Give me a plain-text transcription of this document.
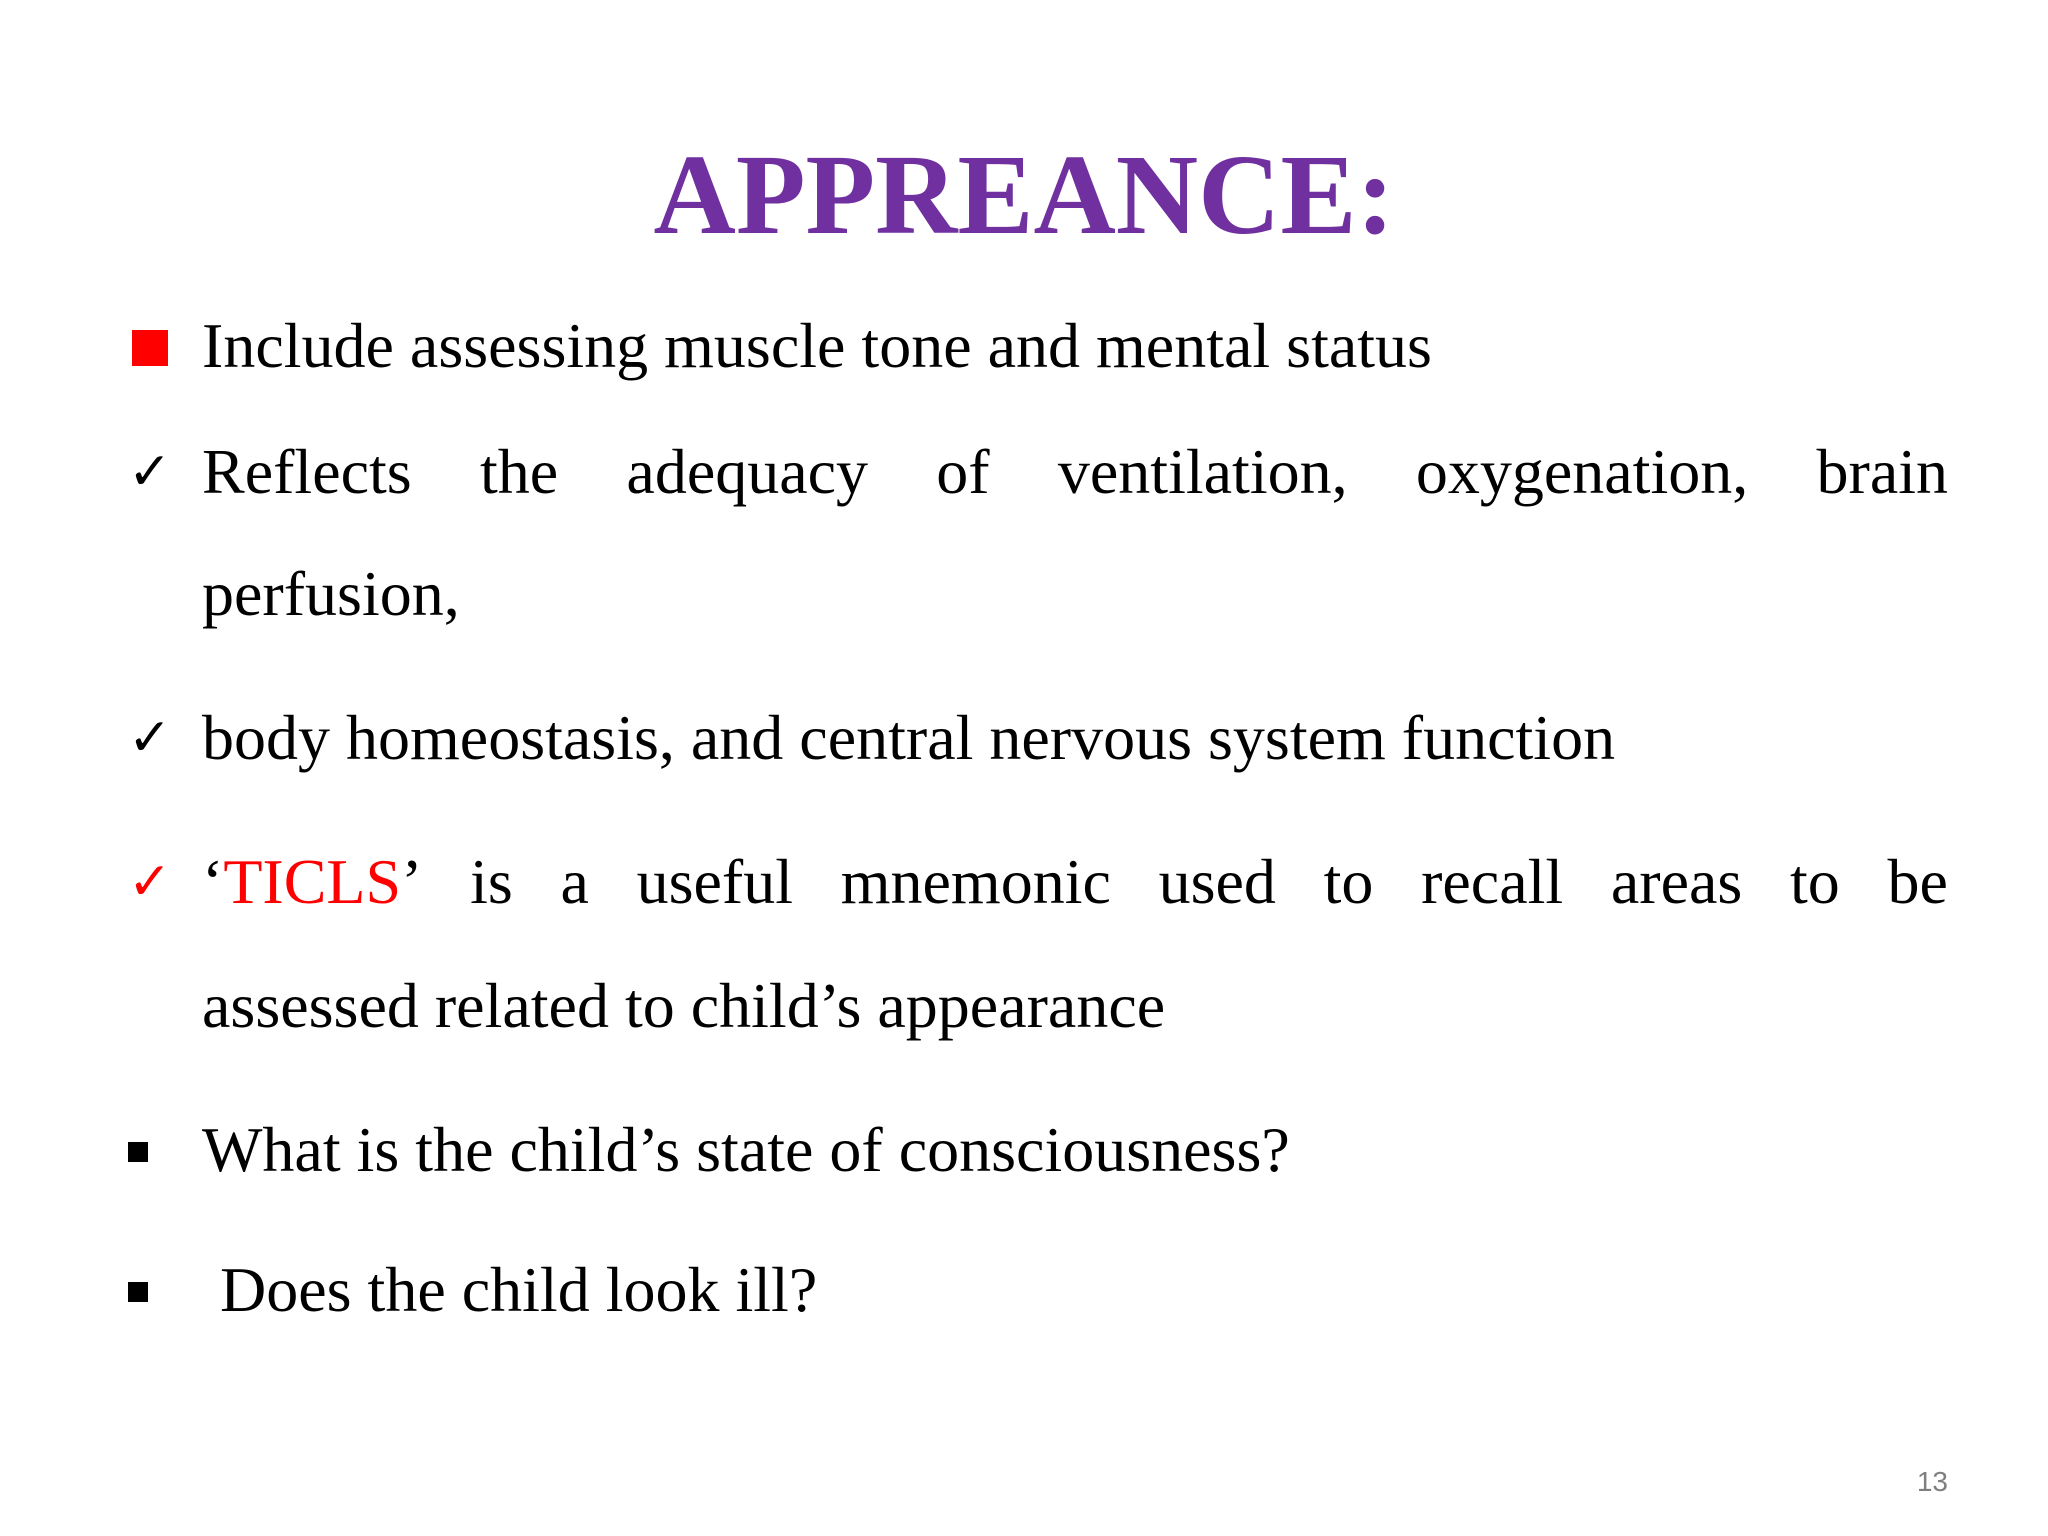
APPREANCE:
Include assessing muscle tone and mental status
✓ Reflects the adequacy of ventilation, oxygenation, brain
perfusion,
✓ body homeostasis, and central nervous system function
✓ ‘TICLS’ is a useful mnemonic used to recall areas to be
assessed related to child’s appearance
What is the child’s state of consciousness?
Does the child look ill?
13
